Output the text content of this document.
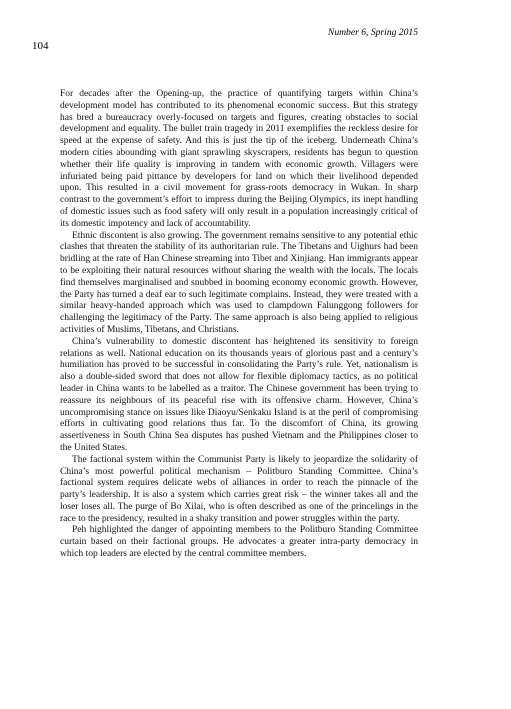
Number 6, Spring 2015
104

For decades after the Opening-up, the practice of quantifying targets within China’s development model has contributed to its phenomenal economic success. But this strategy has bred a bureaucracy overly-focused on targets and figures, creating obstacles to social development and equality. The bullet train tragedy in 2011 exemplifies the reckless desire for speed at the expense of safety. And this is just the tip of the iceberg. Underneath China’s modern cities abounding with giant sprawling skyscrapers, residents has begun to question whether their life quality is improving in tandem with economic growth. Villagers were infuriated being paid pittance by developers for land on which their livelihood depended upon. This resulted in a civil movement for grass-roots democracy in Wukan. In sharp contrast to the government’s effort to impress during the Beijing Olympics, its inept handling of domestic issues such as food safety will only result in a population increasingly critical of its domestic impotency and lack of accountability.

Ethnic discontent is also growing. The government remains sensitive to any potential ethic clashes that threaten the stability of its authoritarian rule. The Tibetans and Uighurs had been bridling at the rate of Han Chinese streaming into Tibet and Xinjiang. Han immigrants appear to be exploiting their natural resources without sharing the wealth with the locals. The locals find themselves marginalised and snubbed in booming economy economic growth. However, the Party has turned a deaf ear to such legitimate complains. Instead, they were treated with a similar heavy-handed approach which was used to clampdown Falunggong followers for challenging the legitimacy of the Party. The same approach is also being applied to religious activities of Muslims, Tibetans, and Christians.

China’s vulnerability to domestic discontent has heightened its sensitivity to foreign relations as well. National education on its thousands years of glorious past and a century’s humiliation has proved to be successful in consolidating the Party’s rule. Yet, nationalism is also a double-sided sword that does not allow for flexible diplomacy tactics, as no political leader in China wants to be labelled as a traitor. The Chinese government has been trying to reassure its neighbours of its peaceful rise with its offensive charm. However, China’s uncompromising stance on issues like Diaoyu/Senkaku Island is at the peril of compromising efforts in cultivating good relations thus far. To the discomfort of China, its growing assertiveness in South China Sea disputes has pushed Vietnam and the Philippines closer to the United States.

The factional system within the Communist Party is likely to jeopardize the solidarity of China’s most powerful political mechanism – Politburo Standing Committee. China’s factional system requires delicate webs of alliances in order to reach the pinnacle of the party’s leadership. It is also a system which carries great risk – the winner takes all and the loser loses all. The purge of Bo Xilai, who is often described as one of the princelings in the race to the presidency, resulted in a shaky transition and power struggles within the party.

Peh highlighted the danger of appointing members to the Politburo Standing Committee curtain based on their factional groups. He advocates a greater intra-party democracy in which top leaders are elected by the central committee members.
